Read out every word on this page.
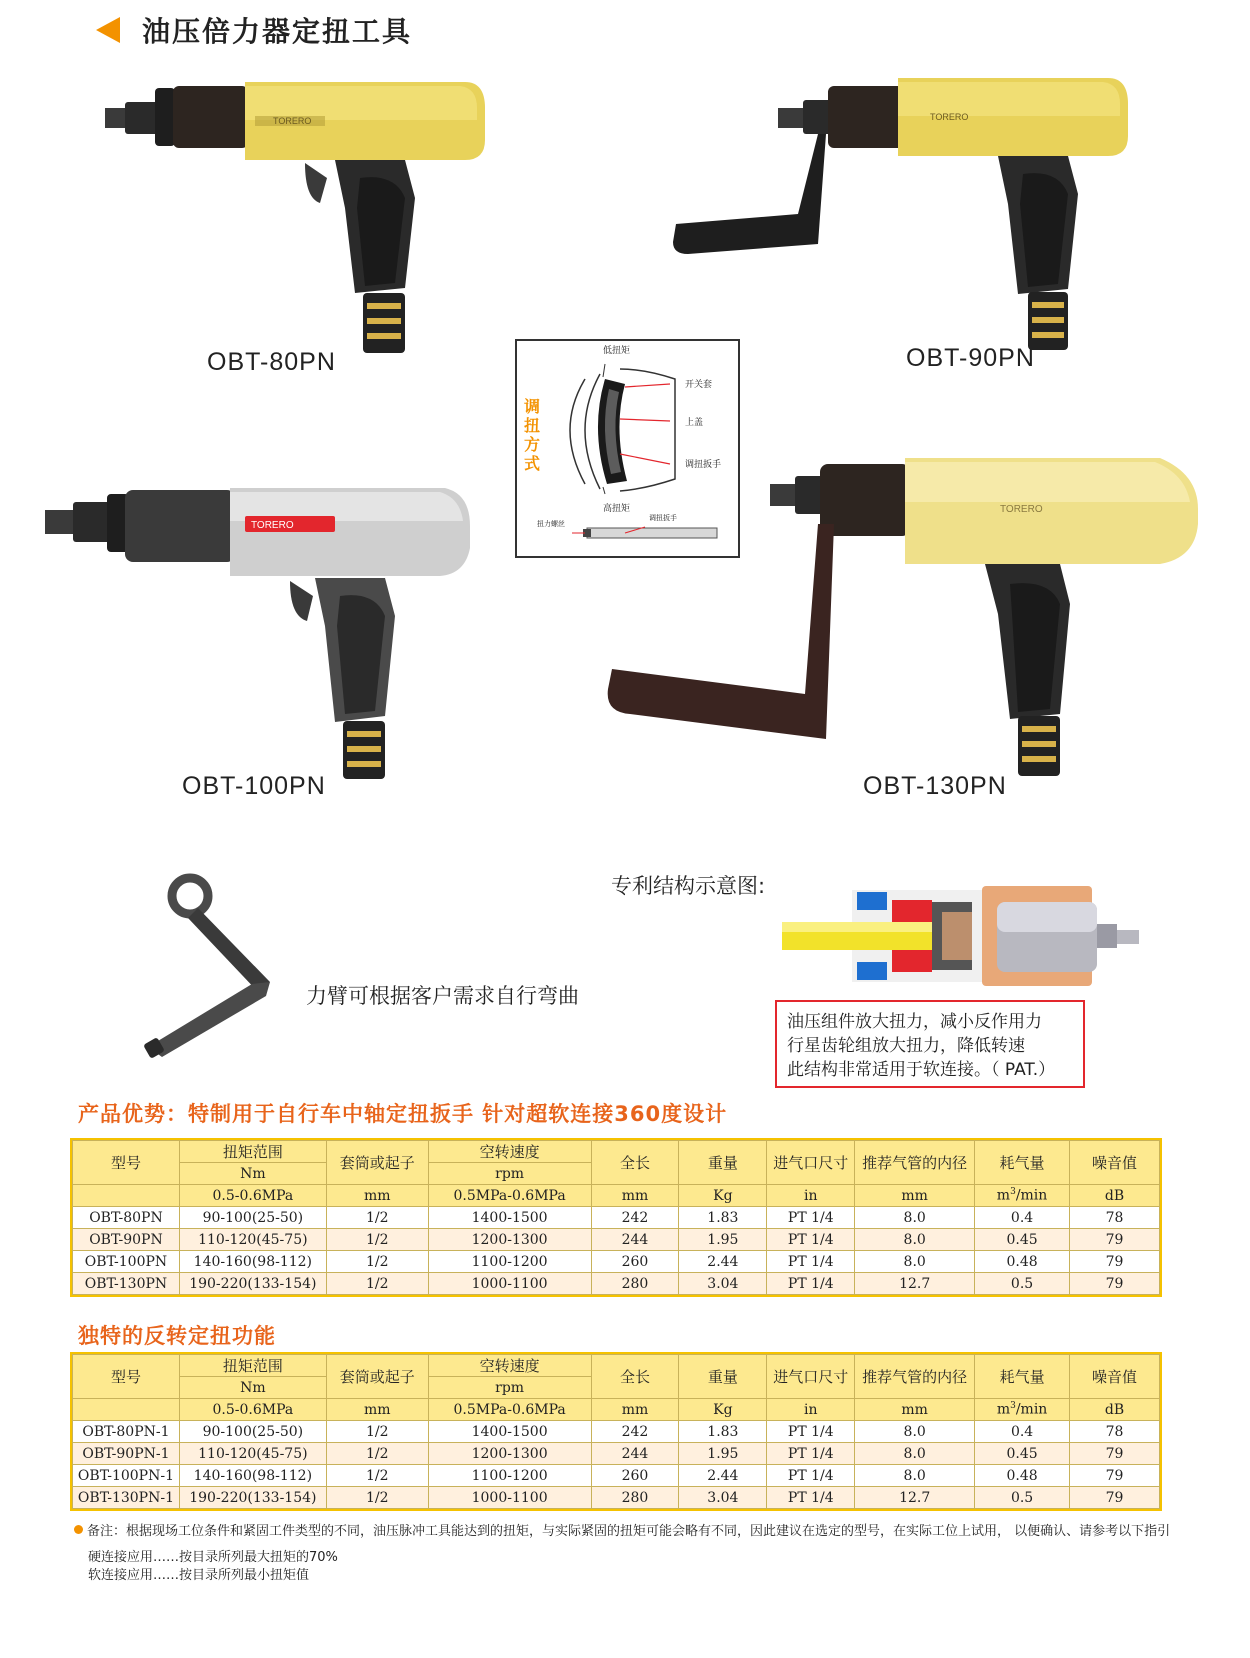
油压倍力器定扭工具
TORERO
OBT-80PN
TORERO
OBT-90PN
调扭方式
低扭矩
开关套
上盖
调扭扳手
高扭矩
扭力螺丝
调扭扳手
TORERO
OBT-100PN
TORERO
OBT-130PN
力臂可根据客户需求自行弯曲
专利结构示意图:
油压组件放大扭力，减小反作用力
行星齿轮组放大扭力，降低转速
此结构非常适用于软连接。（ PAT.）
产品优势：特制用于自行车中轴定扭扳手 针对超软连接360度设计
型号	扭矩范围	套筒或起子	空转速度	全长	重量	进气口尺寸	推荐气管的内径	耗气量	噪音值
	Nm		rpm						
	0.5-0.6MPa	mm	0.5MPa-0.6MPa	mm	Kg	in	mm	$m^3/\min$	dB
OBT-80PN	90-100(25-50)	1/2	1400-1500	242	1.83	PT 1/4	8.0	0.4	78
OBT-90PN	110-120(45-75)	1/2	1200-1300	244	1.95	PT 1/4	8.0	0.45	79
OBT-100PN	140-160(98-112)	1/2	1100-1200	260	2.44	PT 1/4	8.0	0.48	79
OBT-130PN	190-220(133-154)	1/2	1000-1100	280	3.04	PT 1/4	12.7	0.5	79
独特的反转定扭功能
型号	扭矩范围	套筒或起子	空转速度	全长	重量	进气口尺寸	推荐气管的内径	耗气量	噪音值
	Nm		rpm						
	0.5-0.6MPa	mm	0.5MPa-0.6MPa	mm	Kg	in	mm	$m^3/\min$	dB
OBT-80PN-1	90-100(25-50)	1/2	1400-1500	242	1.83	PT 1/4	8.0	0.4	78
OBT-90PN-1	110-120(45-75)	1/2	1200-1300	244	1.95	PT 1/4	8.0	0.45	79
OBT-100PN-1	140-160(98-112)	1/2	1100-1200	260	2.44	PT 1/4	8.0	0.48	79
OBT-130PN-1	190-220(133-154)	1/2	1000-1100	280	3.04	PT 1/4	12.7	0.5	79
备注：根据现场工位条件和紧固工件类型的不同，油压脉冲工具能达到的扭矩，与实际紧固的扭矩可能会略有不同，因此建议在选定的型号，在实际工位上试用， 以便确认、请参考以下指引
硬连接应用……按目录所列最大扭矩的70%
软连接应用……按目录所列最小扭矩值
